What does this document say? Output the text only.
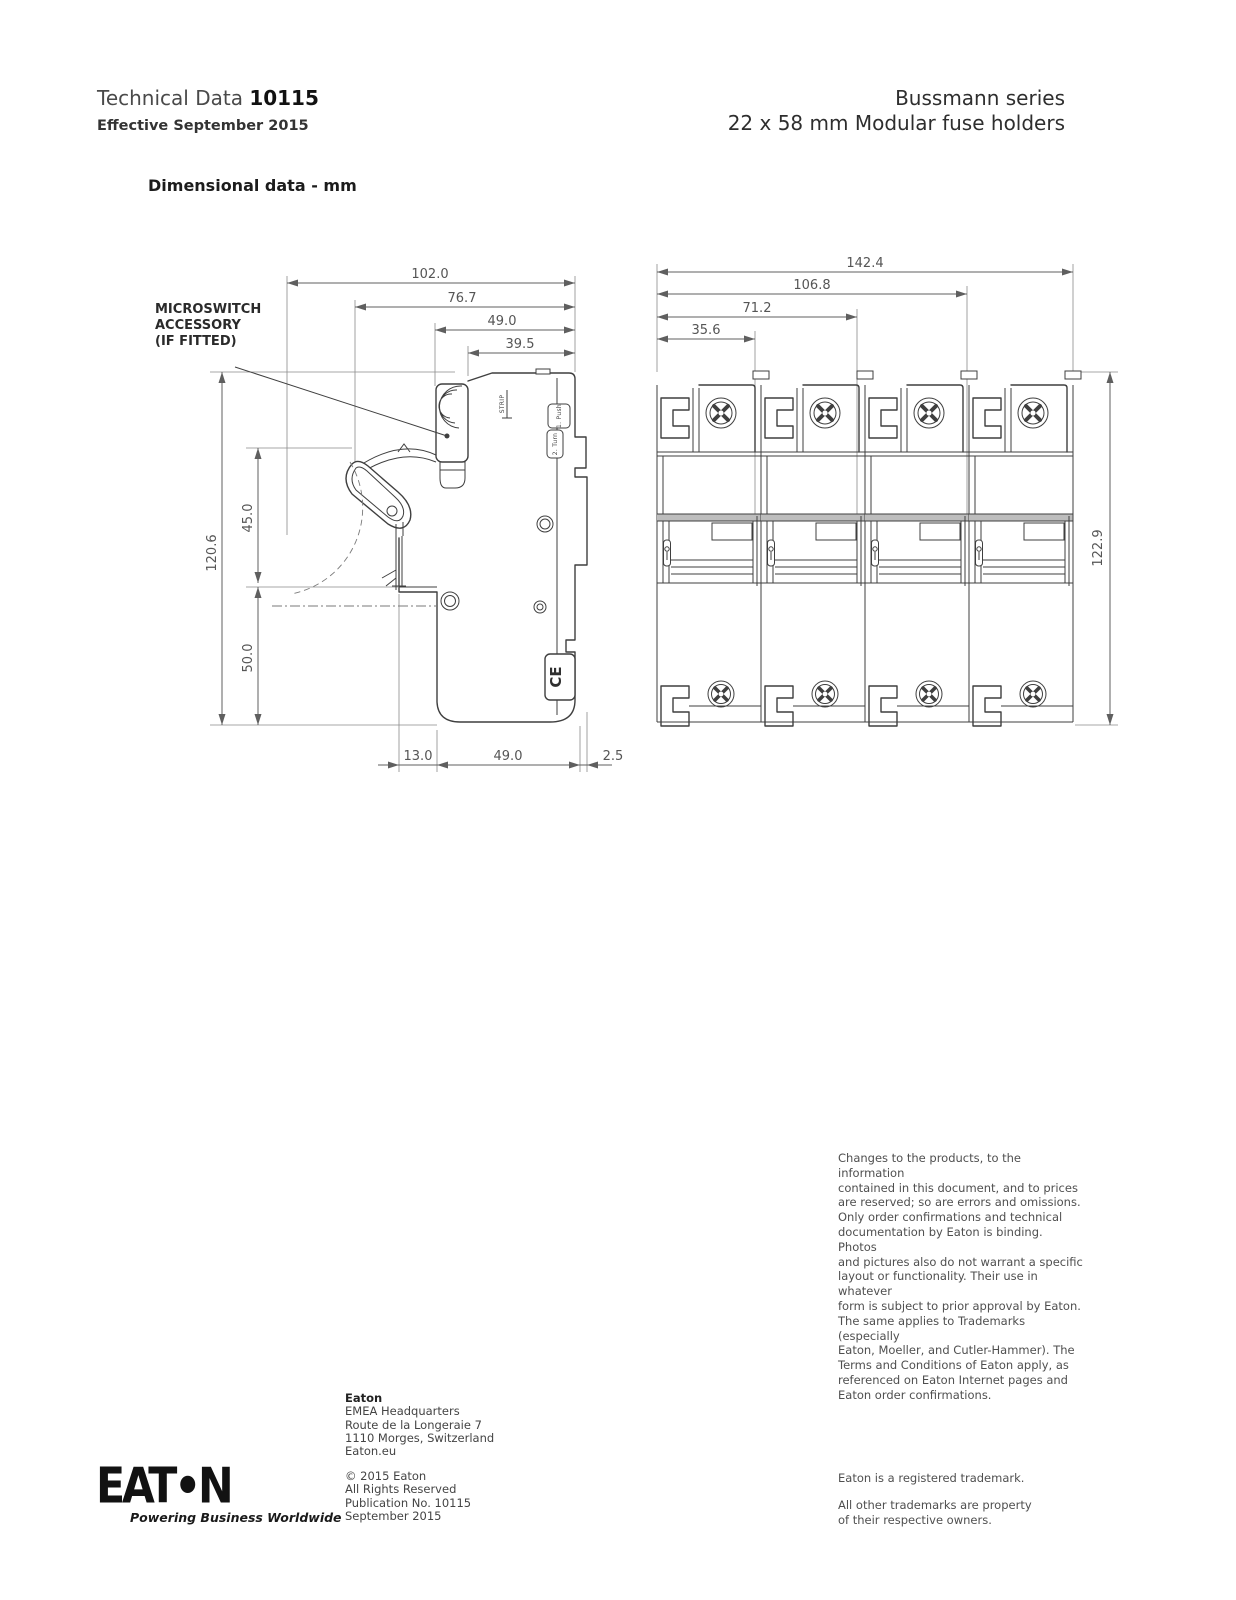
Technical Data 10115
Effective September 2015
Bussmann series
22 x 58 mm Modular fuse holders
Dimensional data - mm
MICROSWITCH
ACCESSORY
(IF FITTED)
102.0
76.7
49.0
39.5
120.6
45.0
50.0
13.0	49.0	2.5
CE
STRIP
1. Push
2. Turn
142.4
106.8
71.2
35.6
122.9
Changes to the products, to the information
contained in this document, and to prices
are reserved; so are errors and omissions.
Only order confirmations and technical
documentation by Eaton is binding. Photos
and pictures also do not warrant a specific
layout or functionality. Their use in whatever
form is subject to prior approval by Eaton.
The same applies to Trademarks (especially
Eaton, Moeller, and Cutler-Hammer). The
Terms and Conditions of Eaton apply, as
referenced on Eaton Internet pages and
Eaton order confirmations.
Eaton
EMEA Headquarters
Route de la Longeraie 7
1110 Morges, Switzerland
Eaton.eu
© 2015 Eaton
All Rights Reserved
Publication No. 10115
September 2015
Eaton is a registered trademark.
All other trademarks are property
of their respective owners.
EAT•N
Powering Business Worldwide
